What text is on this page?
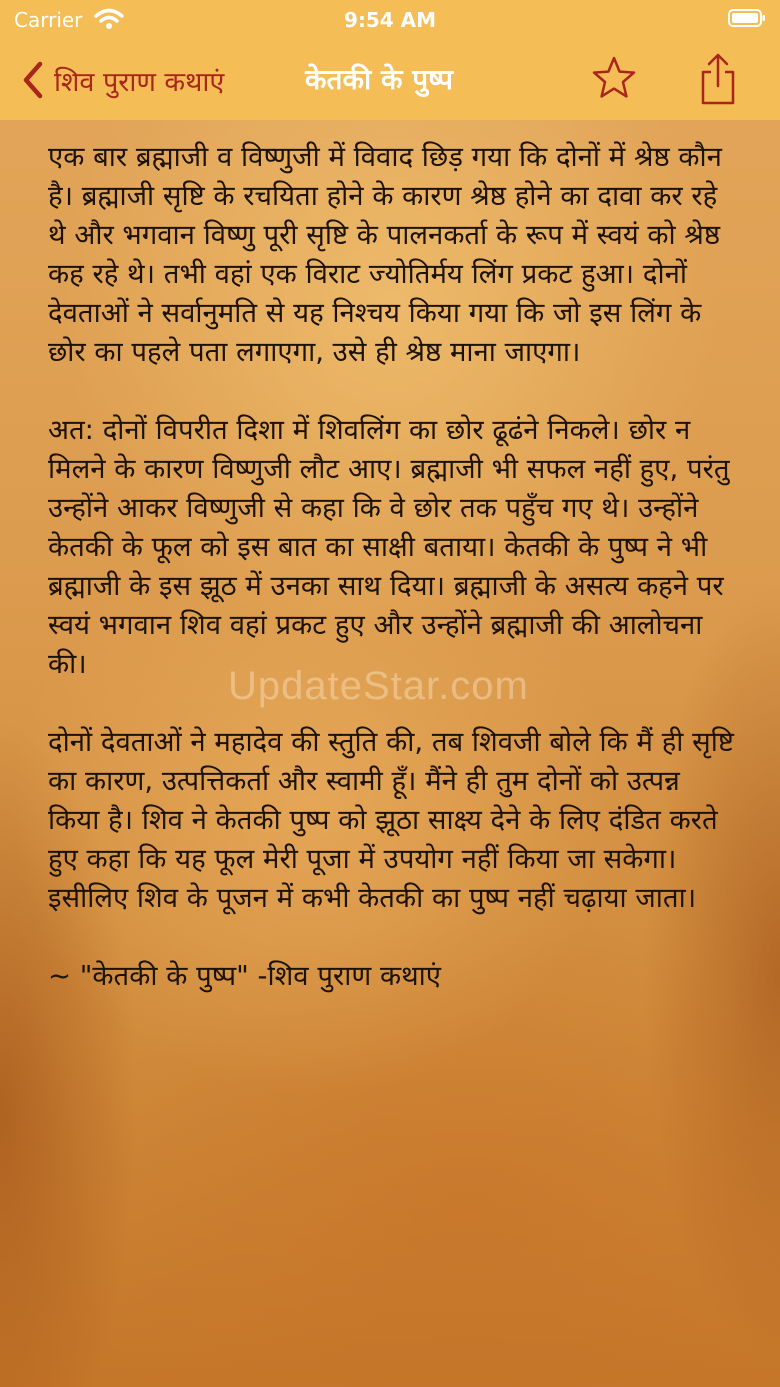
Carrier	9:54 AM
शिव पुराण कथाएं	केतकी के पुष्प

एक बार ब्रह्माजी व विष्णुजी में विवाद छिड़ गया कि दोनों में श्रेष्ठ कौन है। ब्रह्माजी सृष्टि के रचयिता होने के कारण श्रेष्ठ होने का दावा कर रहे थे और भगवान विष्णु पूरी सृष्टि के पालनकर्ता के रूप में स्वयं को श्रेष्ठ कह रहे थे। तभी वहां एक विराट ज्योतिर्मय लिंग प्रकट हुआ। दोनों देवताओं ने सर्वानुमति से यह निश्चय किया गया कि जो इस लिंग के छोर का पहले पता लगाएगा, उसे ही श्रेष्ठ माना जाएगा।

अत: दोनों विपरीत दिशा में शिवलिंग का छोर ढूढंने निकले। छोर न मिलने के कारण विष्णुजी लौट आए। ब्रह्माजी भी सफल नहीं हुए, परंतु उन्होंने आकर विष्णुजी से कहा कि वे छोर तक पहुँच गए थे। उन्होंने केतकी के फूल को इस बात का साक्षी बताया। केतकी के पुष्प ने भी ब्रह्माजी के इस झूठ में उनका साथ दिया। ब्रह्माजी के असत्य कहने पर स्वयं भगवान शिव वहां प्रकट हुए और उन्होंने ब्रह्माजी की आलोचना की।

दोनों देवताओं ने महादेव की स्तुति की, तब शिवजी बोले कि मैं ही सृष्टि का कारण, उत्पत्तिकर्ता और स्वामी हूँ। मैंने ही तुम दोनों को उत्पन्न किया है। शिव ने केतकी पुष्प को झूठा साक्ष्य देने के लिए दंडित करते हुए कहा कि यह फूल मेरी पूजा में उपयोग नहीं किया जा सकेगा। इसीलिए शिव के पूजन में कभी केतकी का पुष्प नहीं चढ़ाया जाता।

~ "केतकी के पुष्प" -शिव पुराण कथाएं

UpdateStar.com
